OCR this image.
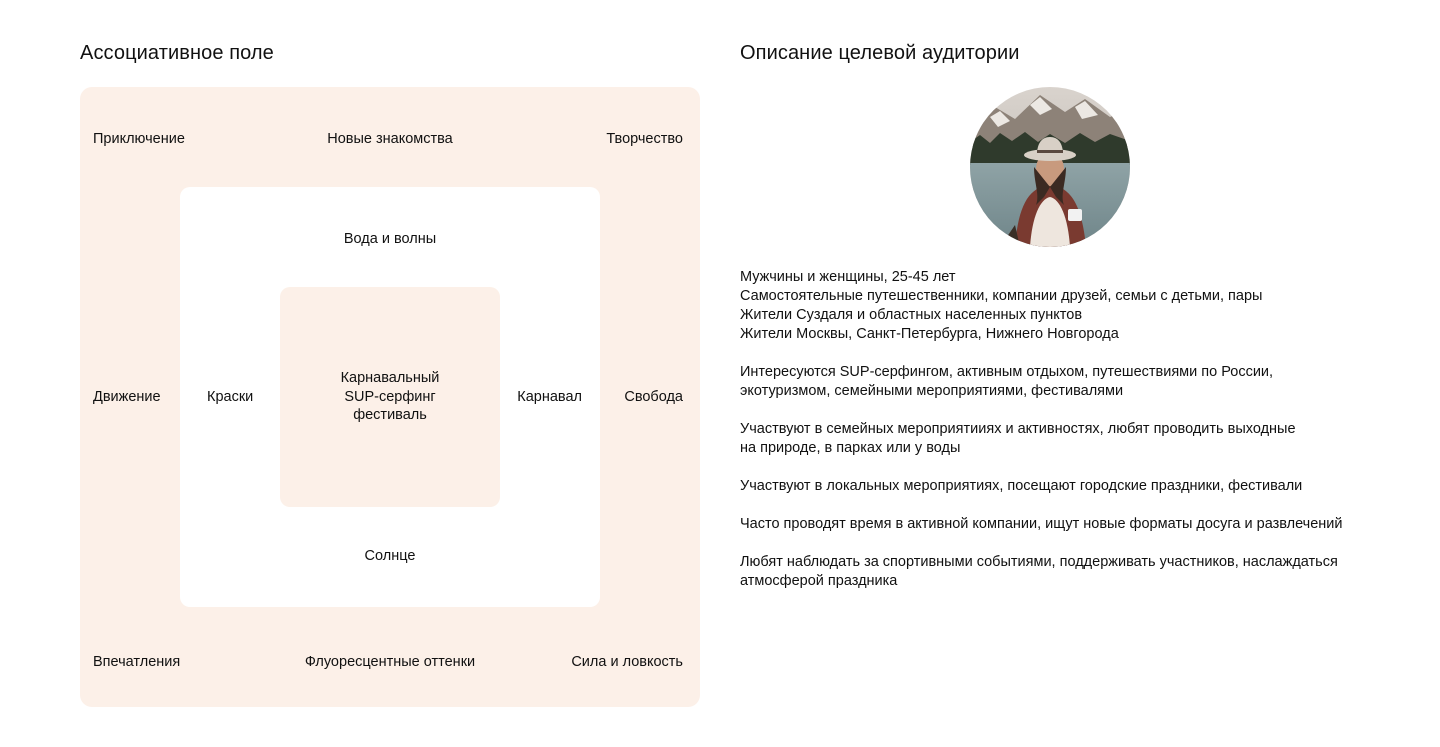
Ассоциативное поле	Описание целевой аудитории
Приключение	Новые знакомства	Творчество
Движение	Свобода
Впечатления	Флуоресцентные оттенки	Сила и ловкость
Вода и волны
Краски	Карнавал
Солнце
Карнавальный
SUP-серфинг
фестиваль

Мужчины и женщины, 25-45 лет
Самостоятельные путешественники, компании друзей, семьи с детьми, пары
Жители Суздаля и областных населенных пунктов
Жители Москвы, Санкт-Петербурга, Нижнего Новгорода

Интересуются SUP-серфингом, активным отдыхом, путешествиями по России,
экотуризмом, семейными мероприятиями, фестивалями

Участвуют в семейных мероприятииях и активностях, любят проводить выходные
на природе, в парках или у воды

Участвуют в локальных мероприятиях, посещают городские праздники, фестивали

Часто проводят время в активной компании, ищут новые форматы досуга и развлечений

Любят наблюдать за спортивными событиями, поддерживать участников, наслаждаться
атмосферой праздника
